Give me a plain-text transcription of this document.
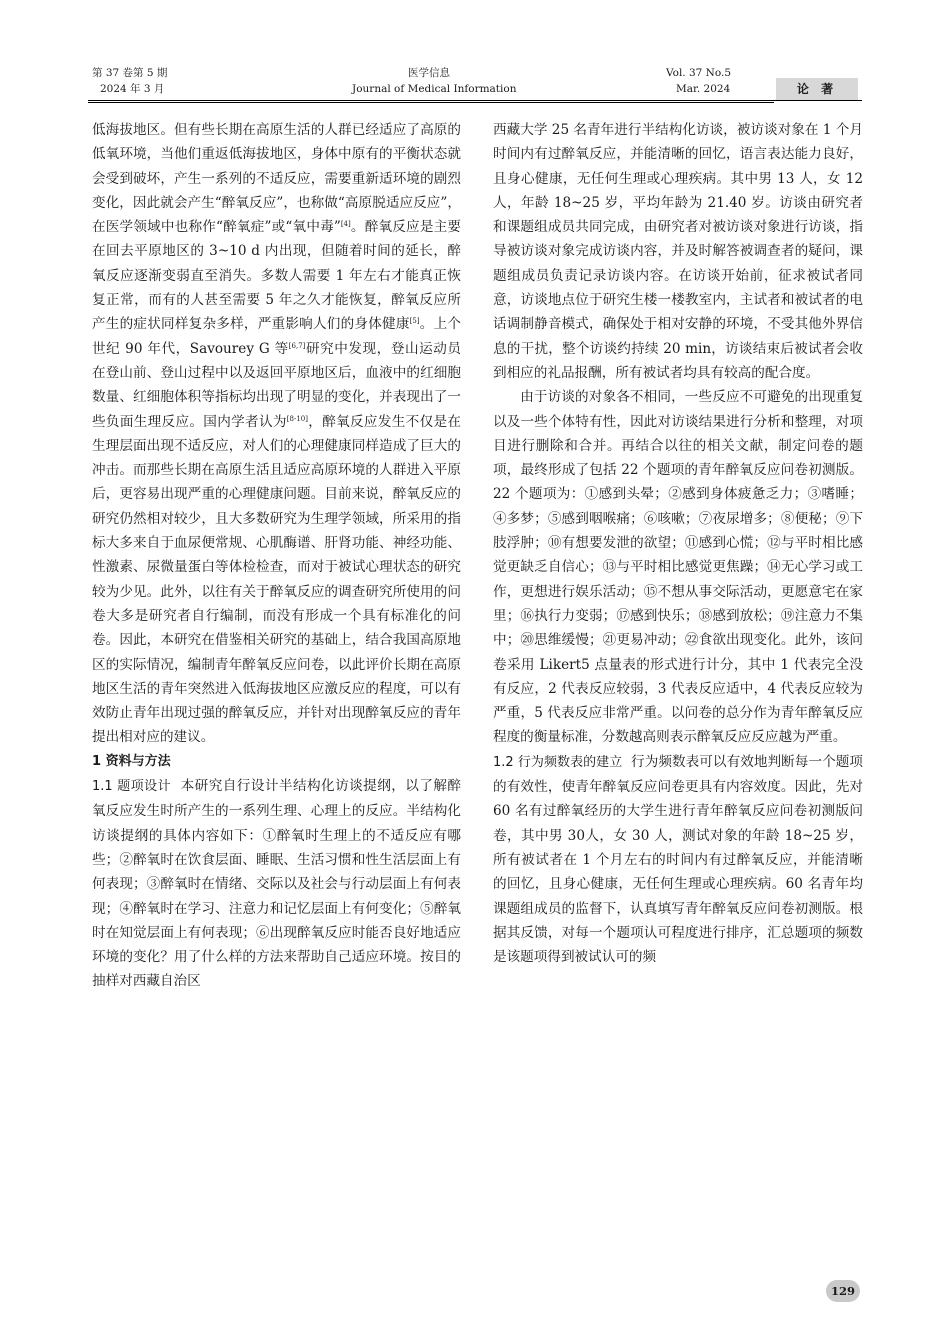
第 37 卷第 5 期
2024 年 3 月
医学信息
Journal of Medical Information
Vol. 37 No.5
Mar. 2024	论 著

低海拔地区。但有些长期在高原生活的人群已经适应了高原的低氧环境，当他们重返低海拔地区，身体中原有的平衡状态就会受到破坏，产生一系列的不适反应，需要重新适环境的剧烈变化，因此就会产生“醉氧反应”，也称做“高原脱适应反应”，在医学领域中也称作“醉氧症”或“氧中毒”[4]。醉氧反应是主要在回去平原地区的 3~10 d 内出现，但随着时间的延长，醉氧反应逐渐变弱直至消失。多数人需要 1 年左右才能真正恢复正常，而有的人甚至需要 5 年之久才能恢复，醉氧反应所产生的症状同样复杂多样，严重影响人们的身体健康[5]。上个世纪 90 年代，Savourey G 等[6,7]研究中发现，登山运动员在登山前、登山过程中以及返回平原地区后，血液中的红细胞数量、红细胞体积等指标均出现了明显的变化，并表现出了一些负面生理反应。国内学者认为[8-10]，醉氧反应发生不仅是在生理层面出现不适反应，对人们的心理健康同样造成了巨大的冲击。而那些长期在高原生活且适应高原环境的人群进入平原后，更容易出现严重的心理健康问题。目前来说，醉氧反应的研究仍然相对较少，且大多数研究为生理学领域，所采用的指标大多来自于血尿便常规、心肌酶谱、肝肾功能、神经功能、性激素、尿微量蛋白等体检检查，而对于被试心理状态的研究较为少见。此外，以往有关于醉氧反应的调查研究所使用的问卷大多是研究者自行编制，而没有形成一个具有标准化的问卷。因此，本研究在借鉴相关研究的基础上，结合我国高原地区的实际情况，编制青年醉氧反应问卷，以此评价长期在高原地区生活的青年突然进入低海拔地区应激反应的程度，可以有效防止青年出现过强的醉氧反应，并针对出现醉氧反应的青年提出相对应的建议。

1 资料与方法

1.1 题项设计 本研究自行设计半结构化访谈提纲，以了解醉氧反应发生时所产生的一系列生理、心理上的反应。半结构化访谈提纲的具体内容如下：①醉氧时生理上的不适反应有哪些；②醉氧时在饮食层面、睡眠、生活习惯和性生活层面上有何表现；③醉氧时在情绪、交际以及社会与行动层面上有何表现；④醉氧时在学习、注意力和记忆层面上有何变化；⑤醉氧时在知觉层面上有何表现；⑥出现醉氧反应时能否良好地适应环境的变化？用了什么样的方法来帮助自己适应环境。按目的抽样对西藏自治区

西藏大学 25 名青年进行半结构化访谈，被访谈对象在 1 个月时间内有过醉氧反应，并能清晰的回忆，语言表达能力良好，且身心健康，无任何生理或心理疾病。其中男 13 人，女 12 人，年龄 18~25 岁，平均年龄为 21.40 岁。访谈由研究者和课题组成员共同完成，由研究者对被访谈对象进行访谈，指导被访谈对象完成访谈内容，并及时解答被调查者的疑问，课题组成员负责记录访谈内容。在访谈开始前，征求被试者同意，访谈地点位于研究生楼一楼教室内，主试者和被试者的电话调制静音模式，确保处于相对安静的环境，不受其他外界信息的干扰，整个访谈约持续 20 min，访谈结束后被试者会收到相应的礼品报酬，所有被试者均具有较高的配合度。

由于访谈的对象各不相同，一些反应不可避免的出现重复以及一些个体特有性，因此对访谈结果进行分析和整理，对项目进行删除和合并。再结合以往的相关文献，制定问卷的题项，最终形成了包括 22 个题项的青年醉氧反应问卷初测版。22 个题项为：①感到头晕；②感到身体疲惫乏力；③嗜睡；④多梦；⑤感到咽喉痛；⑥咳嗽；⑦夜尿增多；⑧便秘；⑨下肢浮肿；⑩有想要发泄的欲望；⑪感到心慌；⑫与平时相比感觉更缺乏自信心；⑬与平时相比感觉更焦躁；⑭无心学习或工作，更想进行娱乐活动；⑮不想从事交际活动，更愿意宅在家里；⑯执行力变弱；⑰感到快乐；⑱感到放松；⑲注意力不集中；⑳思维缓慢；㉑更易冲动；㉒食欲出现变化。此外，该问卷采用 Likert5 点量表的形式进行计分，其中 1 代表完全没有反应，2 代表反应较弱，3 代表反应适中，4 代表反应较为严重，5 代表反应非常严重。以问卷的总分作为青年醉氧反应程度的衡量标准，分数越高则表示醉氧反应反应越为严重。

1.2 行为频数表的建立 行为频数表可以有效地判断每一个题项的有效性，使青年醉氧反应问卷更具有内容效度。因此，先对 60 名有过醉氧经历的大学生进行青年醉氧反应问卷初测版问卷，其中男 30人，女 30 人，测试对象的年龄 18~25 岁，所有被试者在 1 个月左右的时间内有过醉氧反应，并能清晰的回忆，且身心健康，无任何生理或心理疾病。60 名青年均课题组成员的监督下，认真填写青年醉氧反应问卷初测版。根据其反馈，对每一个题项认可程度进行排序，汇总题项的频数是该题项得到被试认可的频

129
